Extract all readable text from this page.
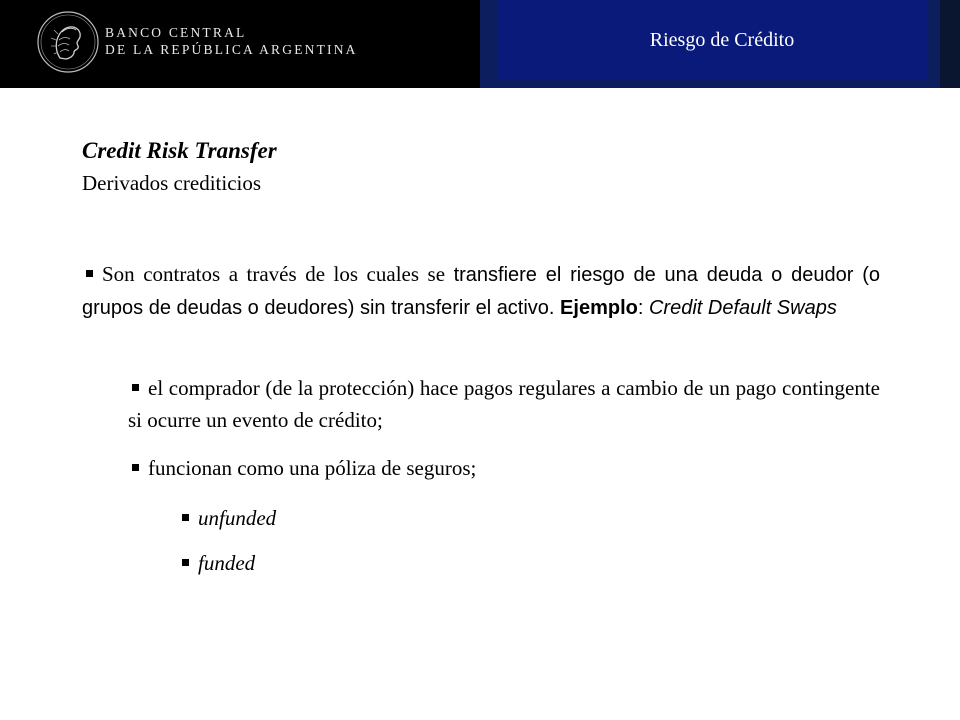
BANCO CENTRAL
DE LA REPÚBLICA ARGENTINA	Riesgo de Crédito

Credit Risk Transfer

Derivados crediticios

Son contratos a través de los cuales se transfiere el riesgo de una deuda o deudor (o grupos de deudas o deudores) sin transferir el activo. Ejemplo: Credit Default Swaps
el comprador (de la protección) hace pagos regulares a cambio de un pago contingente si ocurre un evento de crédito;
funcionan como una póliza de seguros;
unfunded
funded
